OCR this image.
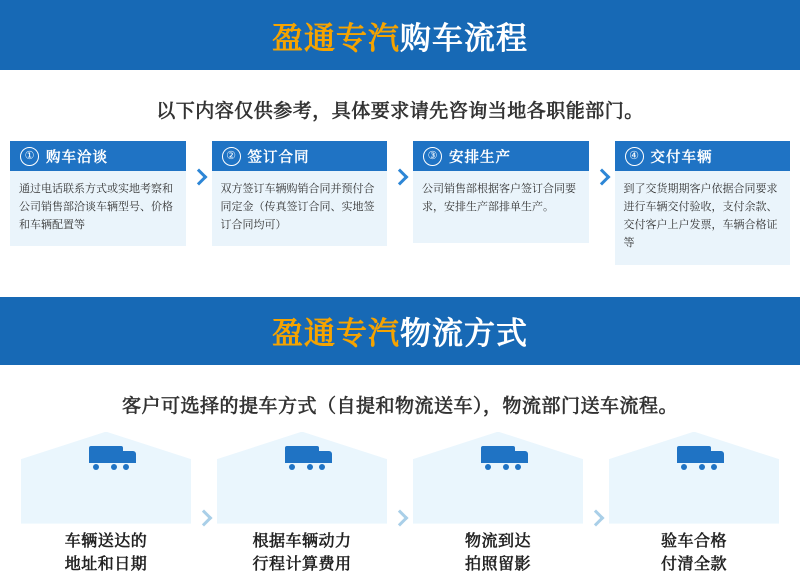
盈通专汽购车流程
以下内容仅供参考，具体要求请先咨询当地各职能部门。
① 购车洽谈
通过电话联系方式或实地考察和公司销售部洽谈车辆型号、价格和车辆配置等
② 签订合同
双方签订车辆购销合同并预付合同定金（传真签订合同、实地签订合同均可）
③ 安排生产
公司销售部根据客户签订合同要求，安排生产部排单生产。
④ 交付车辆
到了交货期期客户依据合同要求进行车辆交付验收，支付余款、交付客户上户发票，车辆合格证等
盈通专汽物流方式
客户可选择的提车方式（自提和物流送车），物流部门送车流程。
车辆送达的
地址和日期
根据车辆动力
行程计算费用
物流到达
拍照留影
验车合格
付清全款
